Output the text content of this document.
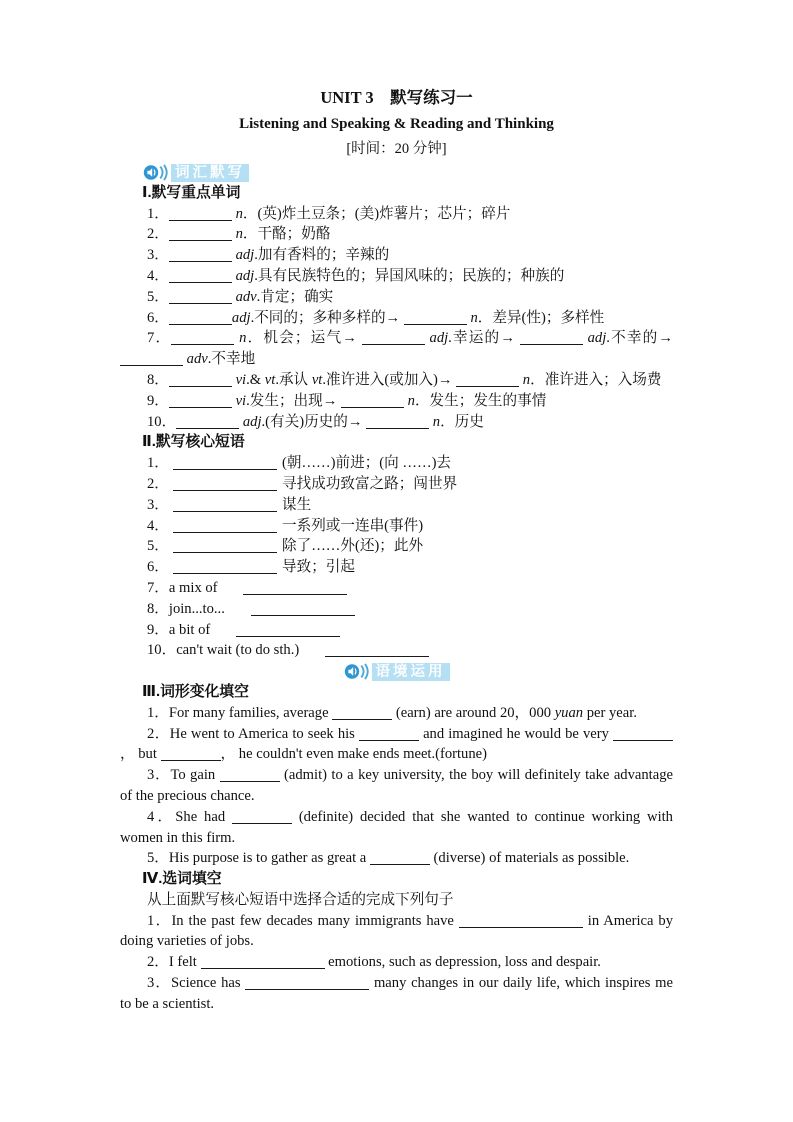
UNIT 3　默写练习一
Listening and Speaking & Reading and Thinking
[时间：20 分钟]
词汇默写
Ⅰ.默写重点单词

1．	n．(英)炸土豆条；(美)炸薯片；芯片；碎片

2．	n．干酪；奶酪

3．	adj.加有香料的；辛辣的

4．	adj.具有民族特色的；异国风味的；民族的；种族的

5．	adv.肯定；确实

6．	adj.不同的；多种多样的→	n．差异(性)；多样性

7．	n．机会；运气→	adj.幸运的→	adj.不幸的→  adv.不幸地

8．	vi.& vt.承认 vt.准许进入(或加入)→	n．准许进入；入场费

9．	vi.发生；出现→	n．发生；发生的事情

10．	adj.(有关)历史的→	n．历史

Ⅱ.默写核心短语
1．	(朝……)前进；(向 ……)去
2．	寻找成功致富之路；闯世界
3．	谋生
4．	一系列或一连串(事件)
5．	除了……外(还)；此外
6．	导致；引起
7．a mix of
8．join...to...
9．a bit of
10．can't wait (to do sth.)
语境运用
Ⅲ.词形变化填空

1．For many families, average	(earn) are around 20，000 yuan per year.

2．He went to America to seek his	and imagined he would be very ， but	， he couldn't even make ends meet.(fortune)

3．To gain	(admit) to a key university, the boy will definitely take advantage of the precious chance.

4．She had	(definite) decided that she wanted to continue working with women in this firm.

5．His purpose is to gather as great a	(diverse) of materials as possible.

Ⅳ.选词填空

从上面默写核心短语中选择合适的完成下列句子

1．In the past few decades many immigrants have	in America by doing varieties of jobs.

2．I felt	emotions, such as depression, loss and despair.

3．Science has	many changes in our daily life, which inspires me to be a scientist.
